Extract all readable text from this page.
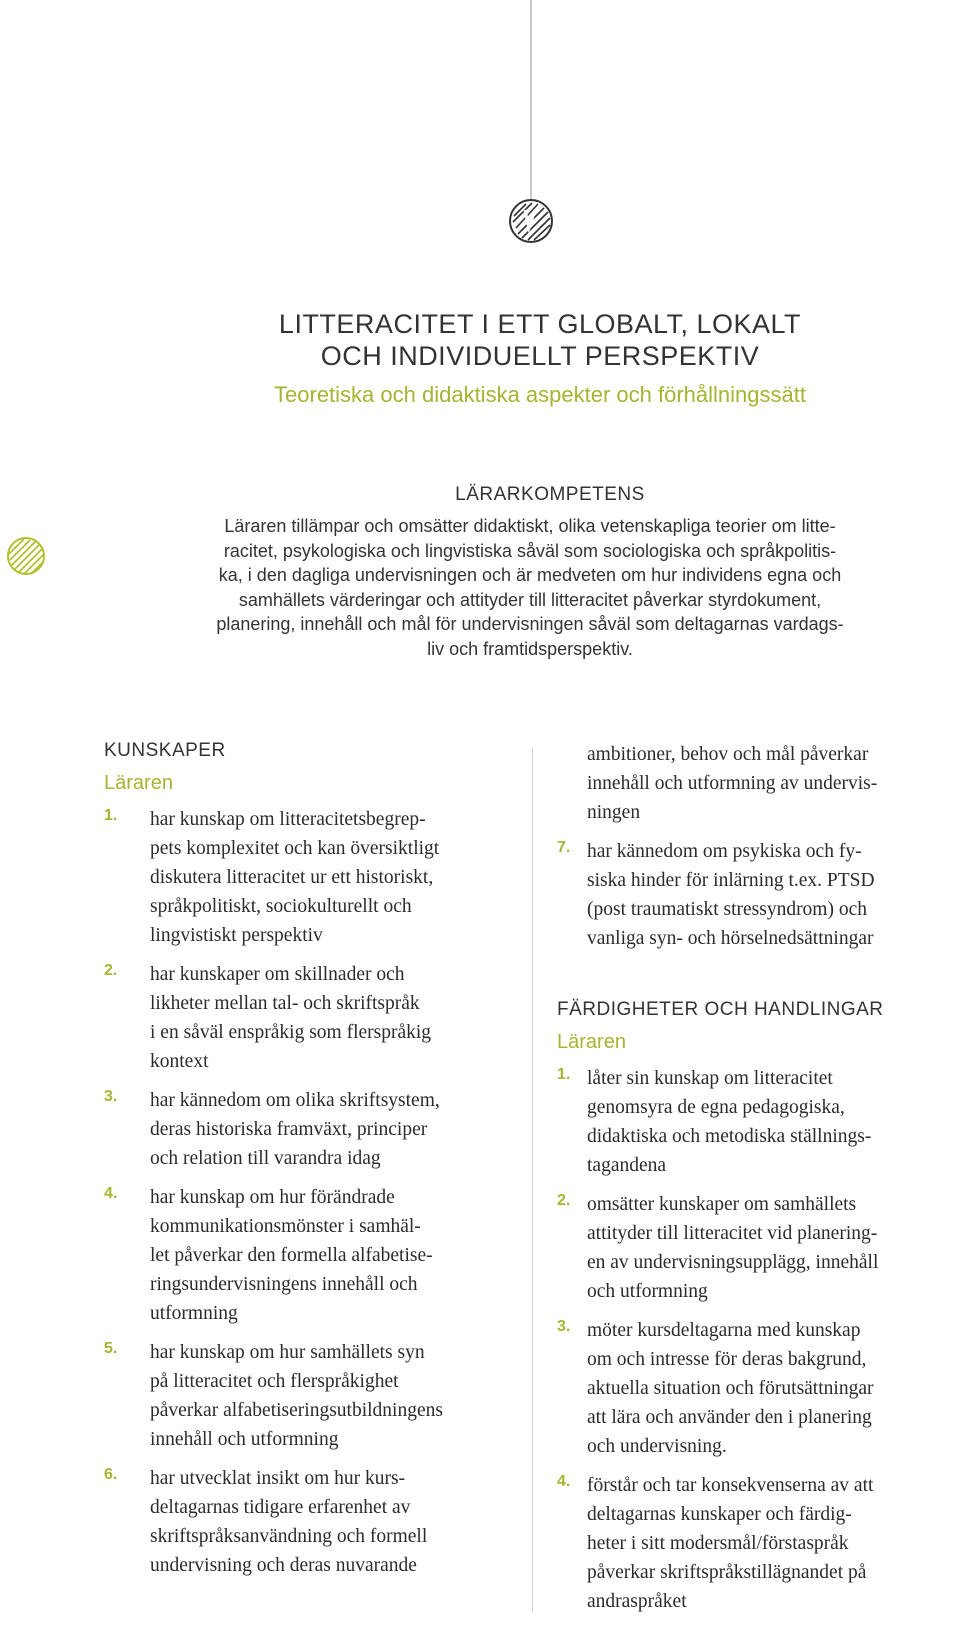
LITTERACITET I ETT GLOBALT, LOKALT
OCH INDIVIDUELLT PERSPEKTIV
Teoretiska och didaktiska aspekter och förhållningssätt
LÄRARKOMPETENS
Läraren tillämpar och omsätter didaktiskt, olika vetenskapliga teorier om litte-
racitet, psykologiska och lingvistiska såväl som sociologiska och språkpolitis-
ka, i den dagliga undervisningen och är medveten om hur individens egna och
samhällets värderingar och attityder till litteracitet påverkar styrdokument,
planering, innehåll och mål för undervisningen såväl som deltagarnas vardags-
liv och framtidsperspektiv.
KUNSKAPER
Läraren
1. har kunskap om litteracitetsbegrep-
pets komplexitet och kan översiktligt
diskutera litteracitet ur ett historiskt,
språkpolitiskt, sociokulturellt och
lingvistiskt perspektiv
2. har kunskaper om skillnader och
likheter mellan tal- och skriftspråk
i en såväl enspråkig som flerspråkig
kontext
3. har kännedom om olika skriftsystem,
deras historiska framväxt, principer
och relation till varandra idag
4. har kunskap om hur förändrade
kommunikationsmönster i samhäl-
let påverkar den formella alfabetise-
ringsundervisningens innehåll och
utformning
5. har kunskap om hur samhällets syn
på litteracitet och flerspråkighet
påverkar alfabetiseringsutbildningens
innehåll och utformning
6. har utvecklat insikt om hur kurs-
deltagarnas tidigare erfarenhet av
skriftspråksanvändning och formell
undervisning och deras nuvarande
ambitioner, behov och mål påverkar
innehåll och utformning av undervis-
ningen
7. har kännedom om psykiska och fy-
siska hinder för inlärning t.ex. PTSD
(post traumatiskt stressyndrom) och
vanliga syn- och hörselnedsättningar
FÄRDIGHETER OCH HANDLINGAR
Läraren
1. låter sin kunskap om litteracitet
genomsyra de egna pedagogiska,
didaktiska och metodiska ställnings-
tagandena
2. omsätter kunskaper om samhällets
attityder till litteracitet vid planering-
en av undervisningsupplägg, innehåll
och utformning
3. möter kursdeltagarna med kunskap
om och intresse för deras bakgrund,
aktuella situation och förutsättningar
att lära och använder den i planering
och undervisning.
4. förstår och tar konsekvenserna av att
deltagarnas kunskaper och färdig-
heter i sitt modersmål/förstaspråk
påverkar skriftspråkstillägnandet på
andraspråket
